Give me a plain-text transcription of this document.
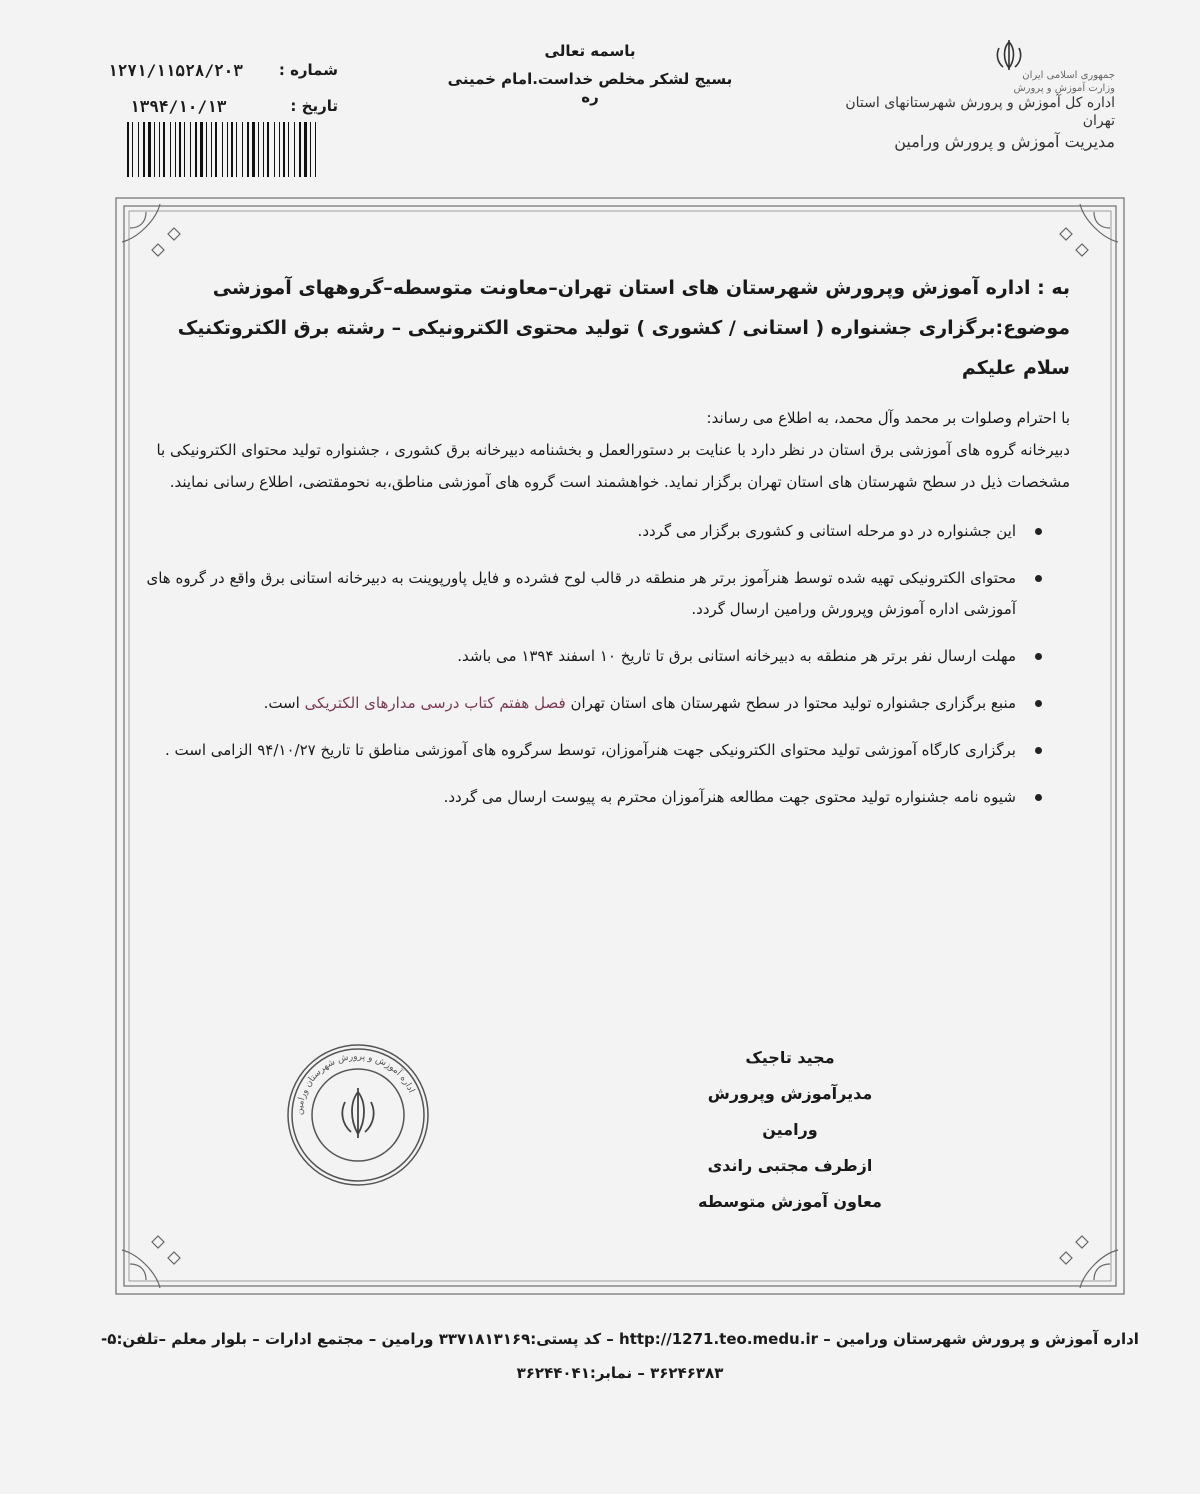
جمهوری اسلامی ایران
وزارت آموزش و پرورش
اداره کل آموزش و پرورش شهرستانهای استان تهران
مدیریت آموزش و پرورش ورامین
باسمه تعالی
بسیج لشکر مخلص خداست.امام خمینی ره
۱۲۷۱/۱۱۵۲۸/۲۰۳ شماره :
۱۳۹۴/۱۰/۱۳	تاریخ :

به : اداره آموزش وپرورش شهرستان های استان تهران–معاونت متوسطه–گروههای آموزشی

موضوع:برگزاری جشنواره ( استانی / کشوری ) تولید محتوی الکترونیکی – رشته برق الکتروتکنیک

سلام علیکم

با احترام وصلوات بر محمد وآل محمد، به اطلاع می رساند:

دبیرخانه گروه های آموزشی برق استان در نظر دارد با عنایت بر دستورالعمل و بخشنامه دبیرخانه برق کشوری ، جشنواره تولید محتوای الکترونیکی با مشخصات ذیل در سطح شهرستان های استان تهران برگزار نماید. خواهشمند است گروه های آموزشی مناطق،به نحومقتضی، اطلاع رسانی نمایند.

این جشنواره در دو مرحله استانی و کشوری برگزار می گردد.
محتوای الکترونیکی تهیه شده توسط هنرآموز برتر هر منطقه در قالب لوح فشرده و فایل پاورپوینت به دبیرخانه استانی برق واقع در گروه های آموزشی اداره آموزش وپرورش ورامین ارسال گردد.
مهلت ارسال نفر برتر هر منطقه به دبیرخانه استانی برق تا تاریخ ۱۰ اسفند ۱۳۹۴ می باشد.
منبع برگزاری جشنواره تولید محتوا در سطح شهرستان های استان تهران فصل هفتم کتاب درسی مدارهای الکتریکی است.
برگزاری کارگاه آموزشی تولید محتوای الکترونیکی جهت هنرآموزان، توسط سرگروه های آموزشی مناطق تا تاریخ ۹۴/۱۰/۲۷ الزامی است .
شیوه نامه جشنواره تولید محتوی جهت مطالعه هنرآموزان محترم به پیوست ارسال می گردد.
اداره آموزش و پرورش شهرستان ورامین
مجید تاجیک
مدیرآموزش وپرورش ورامین
ازطرف مجتبی راندی
معاون آموزش متوسطه
اداره آموزش و پرورش شهرستان ورامین – http://1271.teo.medu.ir – کد پستی:۳۳۷۱۸۱۳۱۶۹ ورامین – مجتمع ادارات – بلوار معلم –تلفن:۵-
۳۶۲۴۶۳۸۳ – نمابر:۳۶۲۴۴۰۴۱
